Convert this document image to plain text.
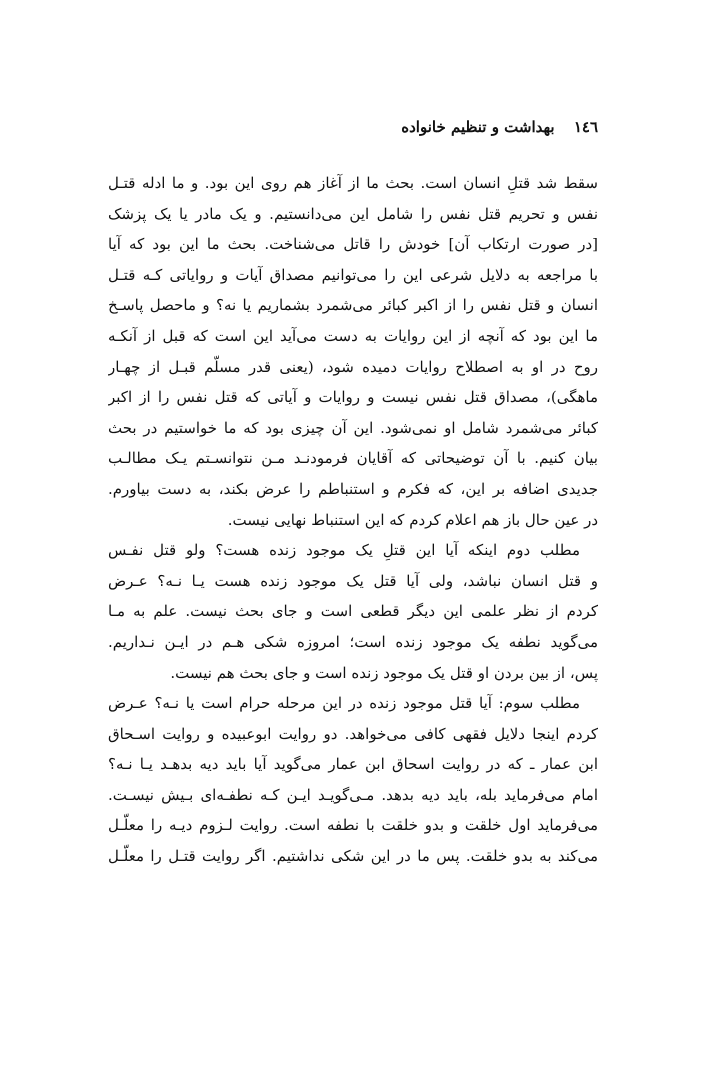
۱٤٦ بهداشت و تنظیم خانواده
سقط شد قتلِ انسان است. بحث ما از آغاز هم روی این بود. و ما ادله قتـل
نفس و تحریم قتل نفس را شامل این می‌دانستیم. و یک مادر یا یک پزشک
[در صورت ارتکاب آن] خودش را قاتل می‌شناخت. بحث ما این بود که آیا
با مراجعه به دلایل شرعی این را می‌توانیم مصداق آیات و روایاتی کـه قتـل
انسان و قتل نفس را از اکبر کبائر می‌شمرد بشماریم یا نه؟ و ماحصل پاسـخ
ما این بود که آنچه از این روایات به دست می‌آید این است که قبل از آنکـه
روح در او به اصطلاح روایات دمیده شود، (یعنی قدر مسلّم قبـل از چهـار
ماهگی)، مصداق قتل نفس نیست و روایات و آیاتی که قتل نفس را از اکبر
کبائر می‌شمرد شامل او نمی‌شود. این آن چیزی بود که ما خواستیم در بحث
بیان کنیم. با آن توضیحاتی که آقایان فرمودنـد مـن نتوانسـتم یـک مطالـب
جدیدی اضافه بر این، که فکرم و استنباطم را عرض بکند، به دست بیاورم.
در عین حال باز هم اعلام کردم که این استنباط نهایی نیست.
مطلب دوم اینکه آیا این قتلِ یک موجود زنده هست؟ ولو قتل نفـس
و قتل انسان نباشد، ولی آیا قتل یک موجود زنده هست یـا نـه؟ عـرض
کردم از نظر علمی این دیگر قطعی است و جای بحث نیست. علم به مـا
می‌گوید نطفه یک موجود زنده است؛ امروزه شکی هـم در ایـن نـداریم.
پس، از بین بردن او قتل یک موجود زنده است و جای بحث هم نیست.
مطلب سوم: آیا قتل موجود زنده در این مرحله حرام است یا نـه؟ عـرض
کردم اینجا دلایل فقهی کافی می‌خواهد. دو روایت ابوعبیده و روایت اسـحاق
ابن عمار ـ که در روایت اسحاق ابن عمار می‌گوید آیا باید دیه بدهـد یـا نـه؟
امام می‌فرماید بله، باید دیه بدهد. مـی‌گویـد ایـن کـه نطفـه‌ای بـیش نیسـت.
می‌فرماید اول خلقت و بدو خلقت با نطفه است. روایت لـزوم دیـه را معلّـل
می‌کند به بدو خلقت. پس ما در این شکی نداشتیم. اگر روایت قتـل را معلّـل
